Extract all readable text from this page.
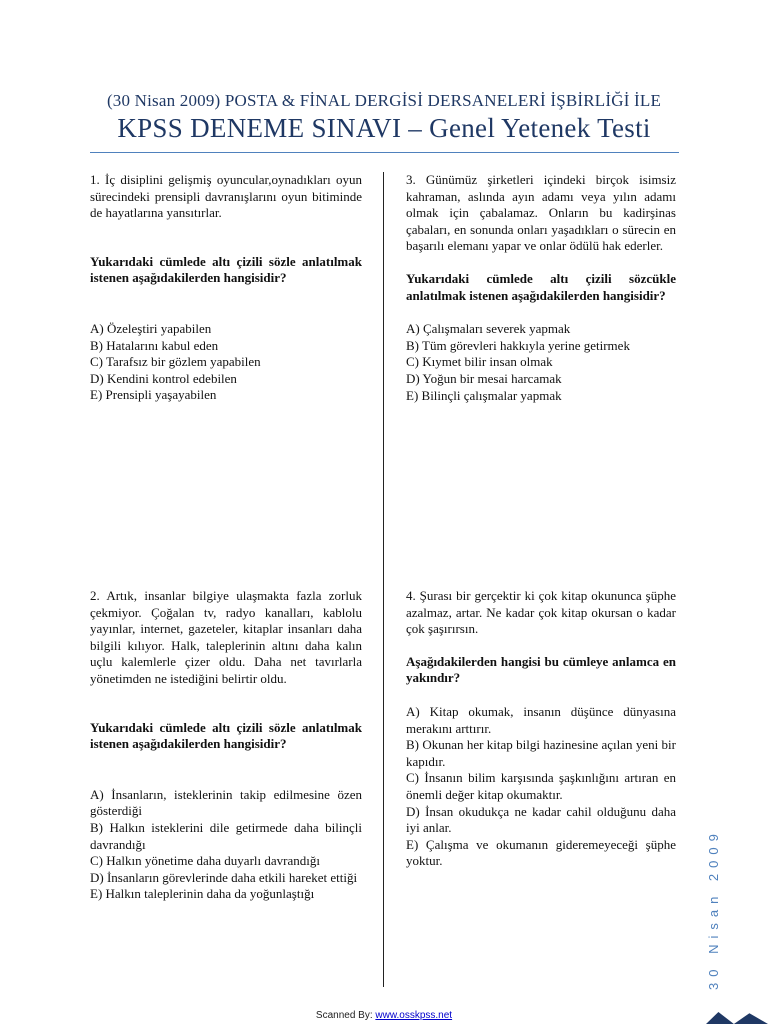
(30 Nisan 2009) POSTA & FİNAL DERGİSİ DERSANELERİ İŞBİRLİĞİ İLE
KPSS DENEME SINAVI – Genel Yetenek Testi

1. İç disiplini gelişmiş oyuncular,oynadıkları oyun sürecindeki prensipli davranışlarını oyun bitiminde de hayatlarına yansıtırlar.

Yukarıdaki cümlede altı çizili sözle anlatılmak istenen aşağıdakilerden hangisidir?

A) Özeleştiri yapabilen
B) Hatalarını kabul eden
C) Tarafsız bir gözlem yapabilen
D) Kendini kontrol edebilen
E) Prensipli yaşayabilen

2. Artık, insanlar bilgiye ulaşmakta fazla zorluk çekmiyor. Çoğalan tv, radyo kanalları, kablolu yayınlar, internet, gazeteler, kitaplar insanları daha bilgili kılıyor. Halk, taleplerinin altını daha kalın uçlu kalemlerle çizer oldu. Daha net tavırlarla yönetimden ne istediğini belirtir oldu.

Yukarıdaki cümlede altı çizili sözle anlatılmak istenen aşağıdakilerden hangisidir?

A) İnsanların, isteklerinin takip edilmesine özen gösterdiği
B) Halkın isteklerini dile getirmede daha bilinçli davrandığı
C) Halkın yönetime daha duyarlı davrandığı
D) İnsanların görevlerinde daha etkili hareket ettiği
E) Halkın taleplerinin daha da yoğunlaştığı

3. Günümüz şirketleri içindeki birçok isimsiz kahraman, aslında ayın adamı veya yılın adamı olmak için çabalamaz. Onların bu kadirşinas çabaları, en sonunda onları yaşadıkları o sürecin en başarılı elemanı yapar ve onlar ödülü hak ederler.

Yukarıdaki cümlede altı çizili sözcükle anlatılmak istenen aşağıdakilerden hangisidir?

A) Çalışmaları severek yapmak
B) Tüm görevleri hakkıyla yerine getirmek
C) Kıymet bilir insan olmak
D) Yoğun bir mesai harcamak
E) Bilinçli çalışmalar yapmak

4. Şurası bir gerçektir ki çok kitap okununca şüphe azalmaz, artar. Ne kadar çok kitap okursan o kadar çok şaşırırsın.

Aşağıdakilerden hangisi bu cümleye anlamca en yakındır?

A) Kitap okumak, insanın düşünce dünyasına merakını arttırır.
B) Okunan her kitap bilgi hazinesine açılan yeni bir kapıdır.
C) İnsanın bilim karşısında şaşkınlığını artıran en önemli değer kitap okumaktır.
D) İnsan okudukça ne kadar cahil olduğunu daha iyi anlar.
E) Çalışma ve okumanın gideremeyeceği şüphe yoktur.	30 Nisan 2009
Scanned By: www.osskpss.net
